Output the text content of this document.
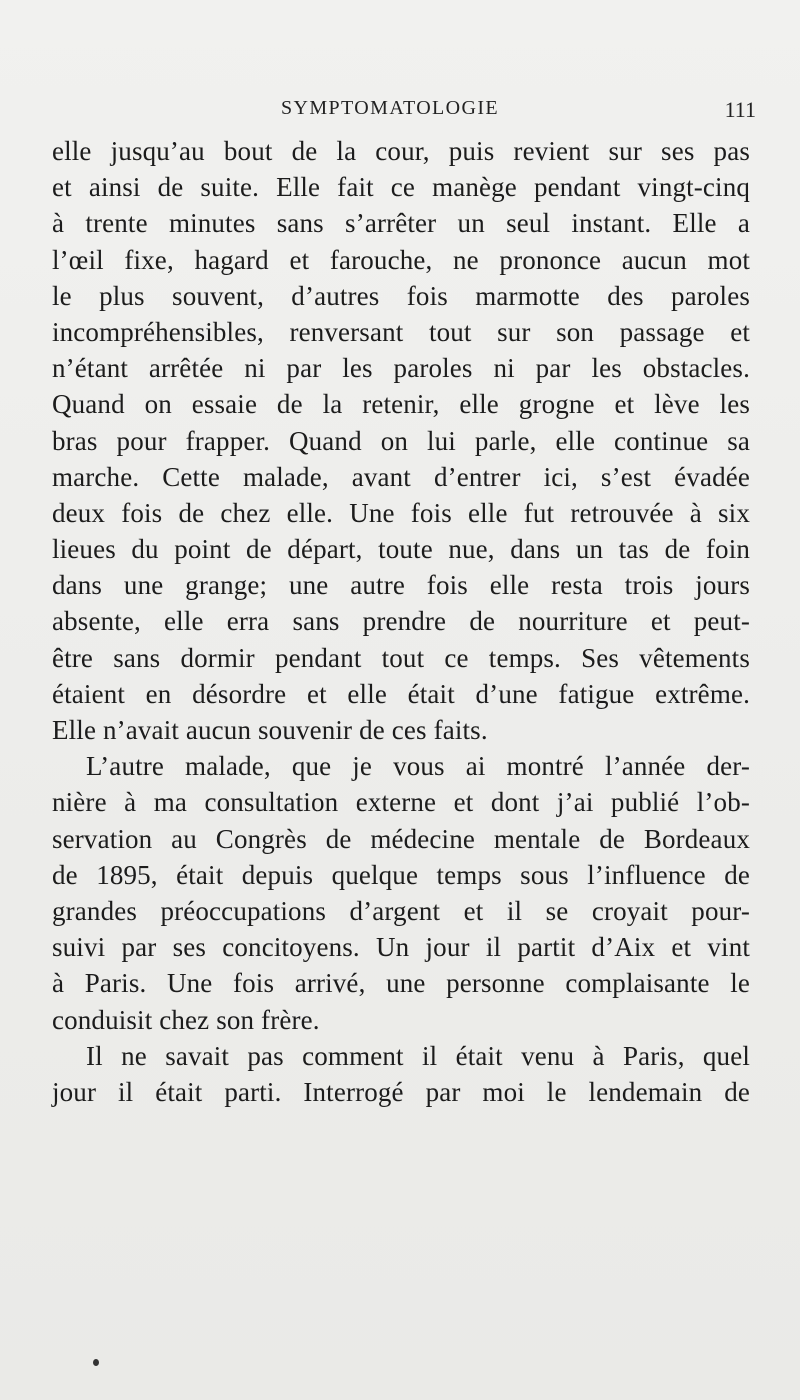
SYMPTOMATOLOGIE	111
elle jusqu’au bout de la cour, puis revient sur ses pas
et ainsi de suite. Elle fait ce manège pendant vingt-cinq
à trente minutes sans s’arrêter un seul instant. Elle a
l’œil fixe, hagard et farouche, ne prononce aucun mot
le plus souvent, d’autres fois marmotte des paroles
incompréhensibles, renversant tout sur son passage et
n’étant arrêtée ni par les paroles ni par les obstacles.
Quand on essaie de la retenir, elle grogne et lève les
bras pour frapper. Quand on lui parle, elle continue sa
marche. Cette malade, avant d’entrer ici, s’est évadée
deux fois de chez elle. Une fois elle fut retrouvée à six
lieues du point de départ, toute nue, dans un tas de foin
dans une grange; une autre fois elle resta trois jours
absente, elle erra sans prendre de nourriture et peut-
être sans dormir pendant tout ce temps. Ses vêtements
étaient en désordre et elle était d’une fatigue extrême.
Elle n’avait aucun souvenir de ces faits.
L’autre malade, que je vous ai montré l’année der-
nière à ma consultation externe et dont j’ai publié l’ob-
servation au Congrès de médecine mentale de Bordeaux
de 1895, était depuis quelque temps sous l’influence de
grandes préoccupations d’argent et il se croyait pour-
suivi par ses concitoyens. Un jour il partit d’Aix et vint
à Paris. Une fois arrivé, une personne complaisante le
conduisit chez son frère.
Il ne savait pas comment il était venu à Paris, quel
jour il était parti. Interrogé par moi le lendemain de
